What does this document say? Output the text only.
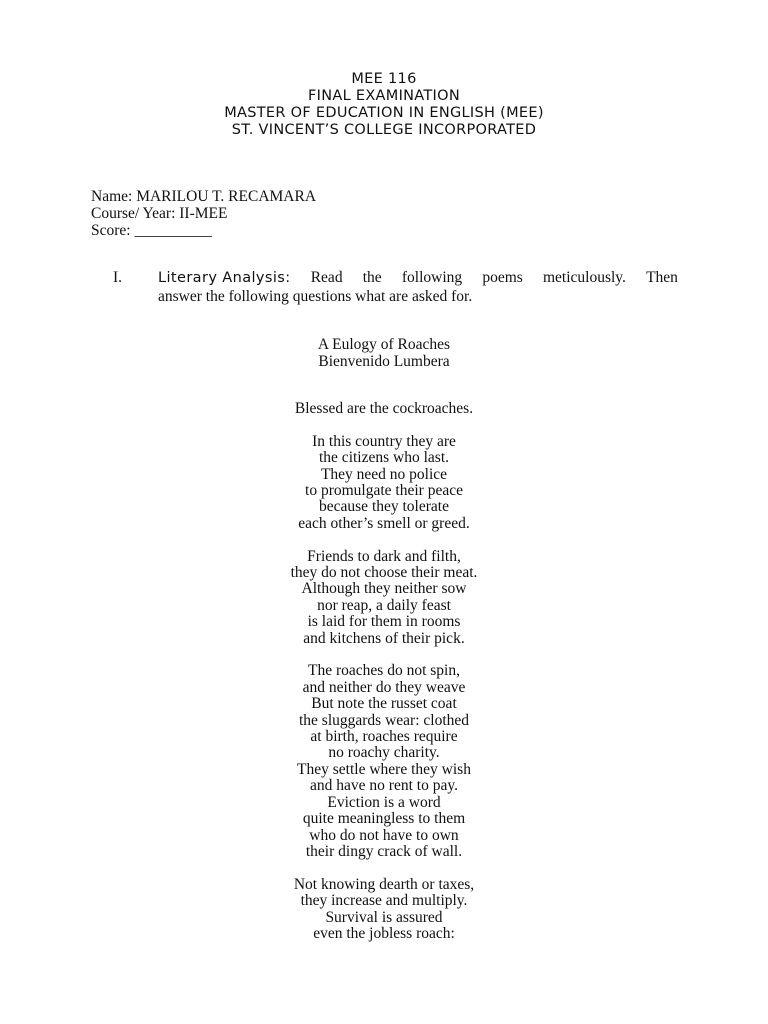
MEE 116
FINAL EXAMINATION
MASTER OF EDUCATION IN ENGLISH (MEE)
ST. VINCENT’S COLLEGE INCORPORATED
Name: MARILOU T. RECAMARA
Course/ Year: II-MEE
Score: __________
I. Literary Analysis: Read the following poems meticulously. Then
answer the following questions what are asked for.
A Eulogy of Roaches
Bienvenido Lumbera
Blessed are the cockroaches.
In this country they are
the citizens who last.
They need no police
to promulgate their peace
because they tolerate
each other’s smell or greed.
Friends to dark and filth,
they do not choose their meat.
Although they neither sow
nor reap, a daily feast
is laid for them in rooms
and kitchens of their pick.
The roaches do not spin,
and neither do they weave
But note the russet coat
the sluggards wear: clothed
at birth, roaches require
no roachy charity.
They settle where they wish
and have no rent to pay.
Eviction is a word
quite meaningless to them
who do not have to own
their dingy crack of wall.
Not knowing dearth or taxes,
they increase and multiply.
Survival is assured
even the jobless roach:
